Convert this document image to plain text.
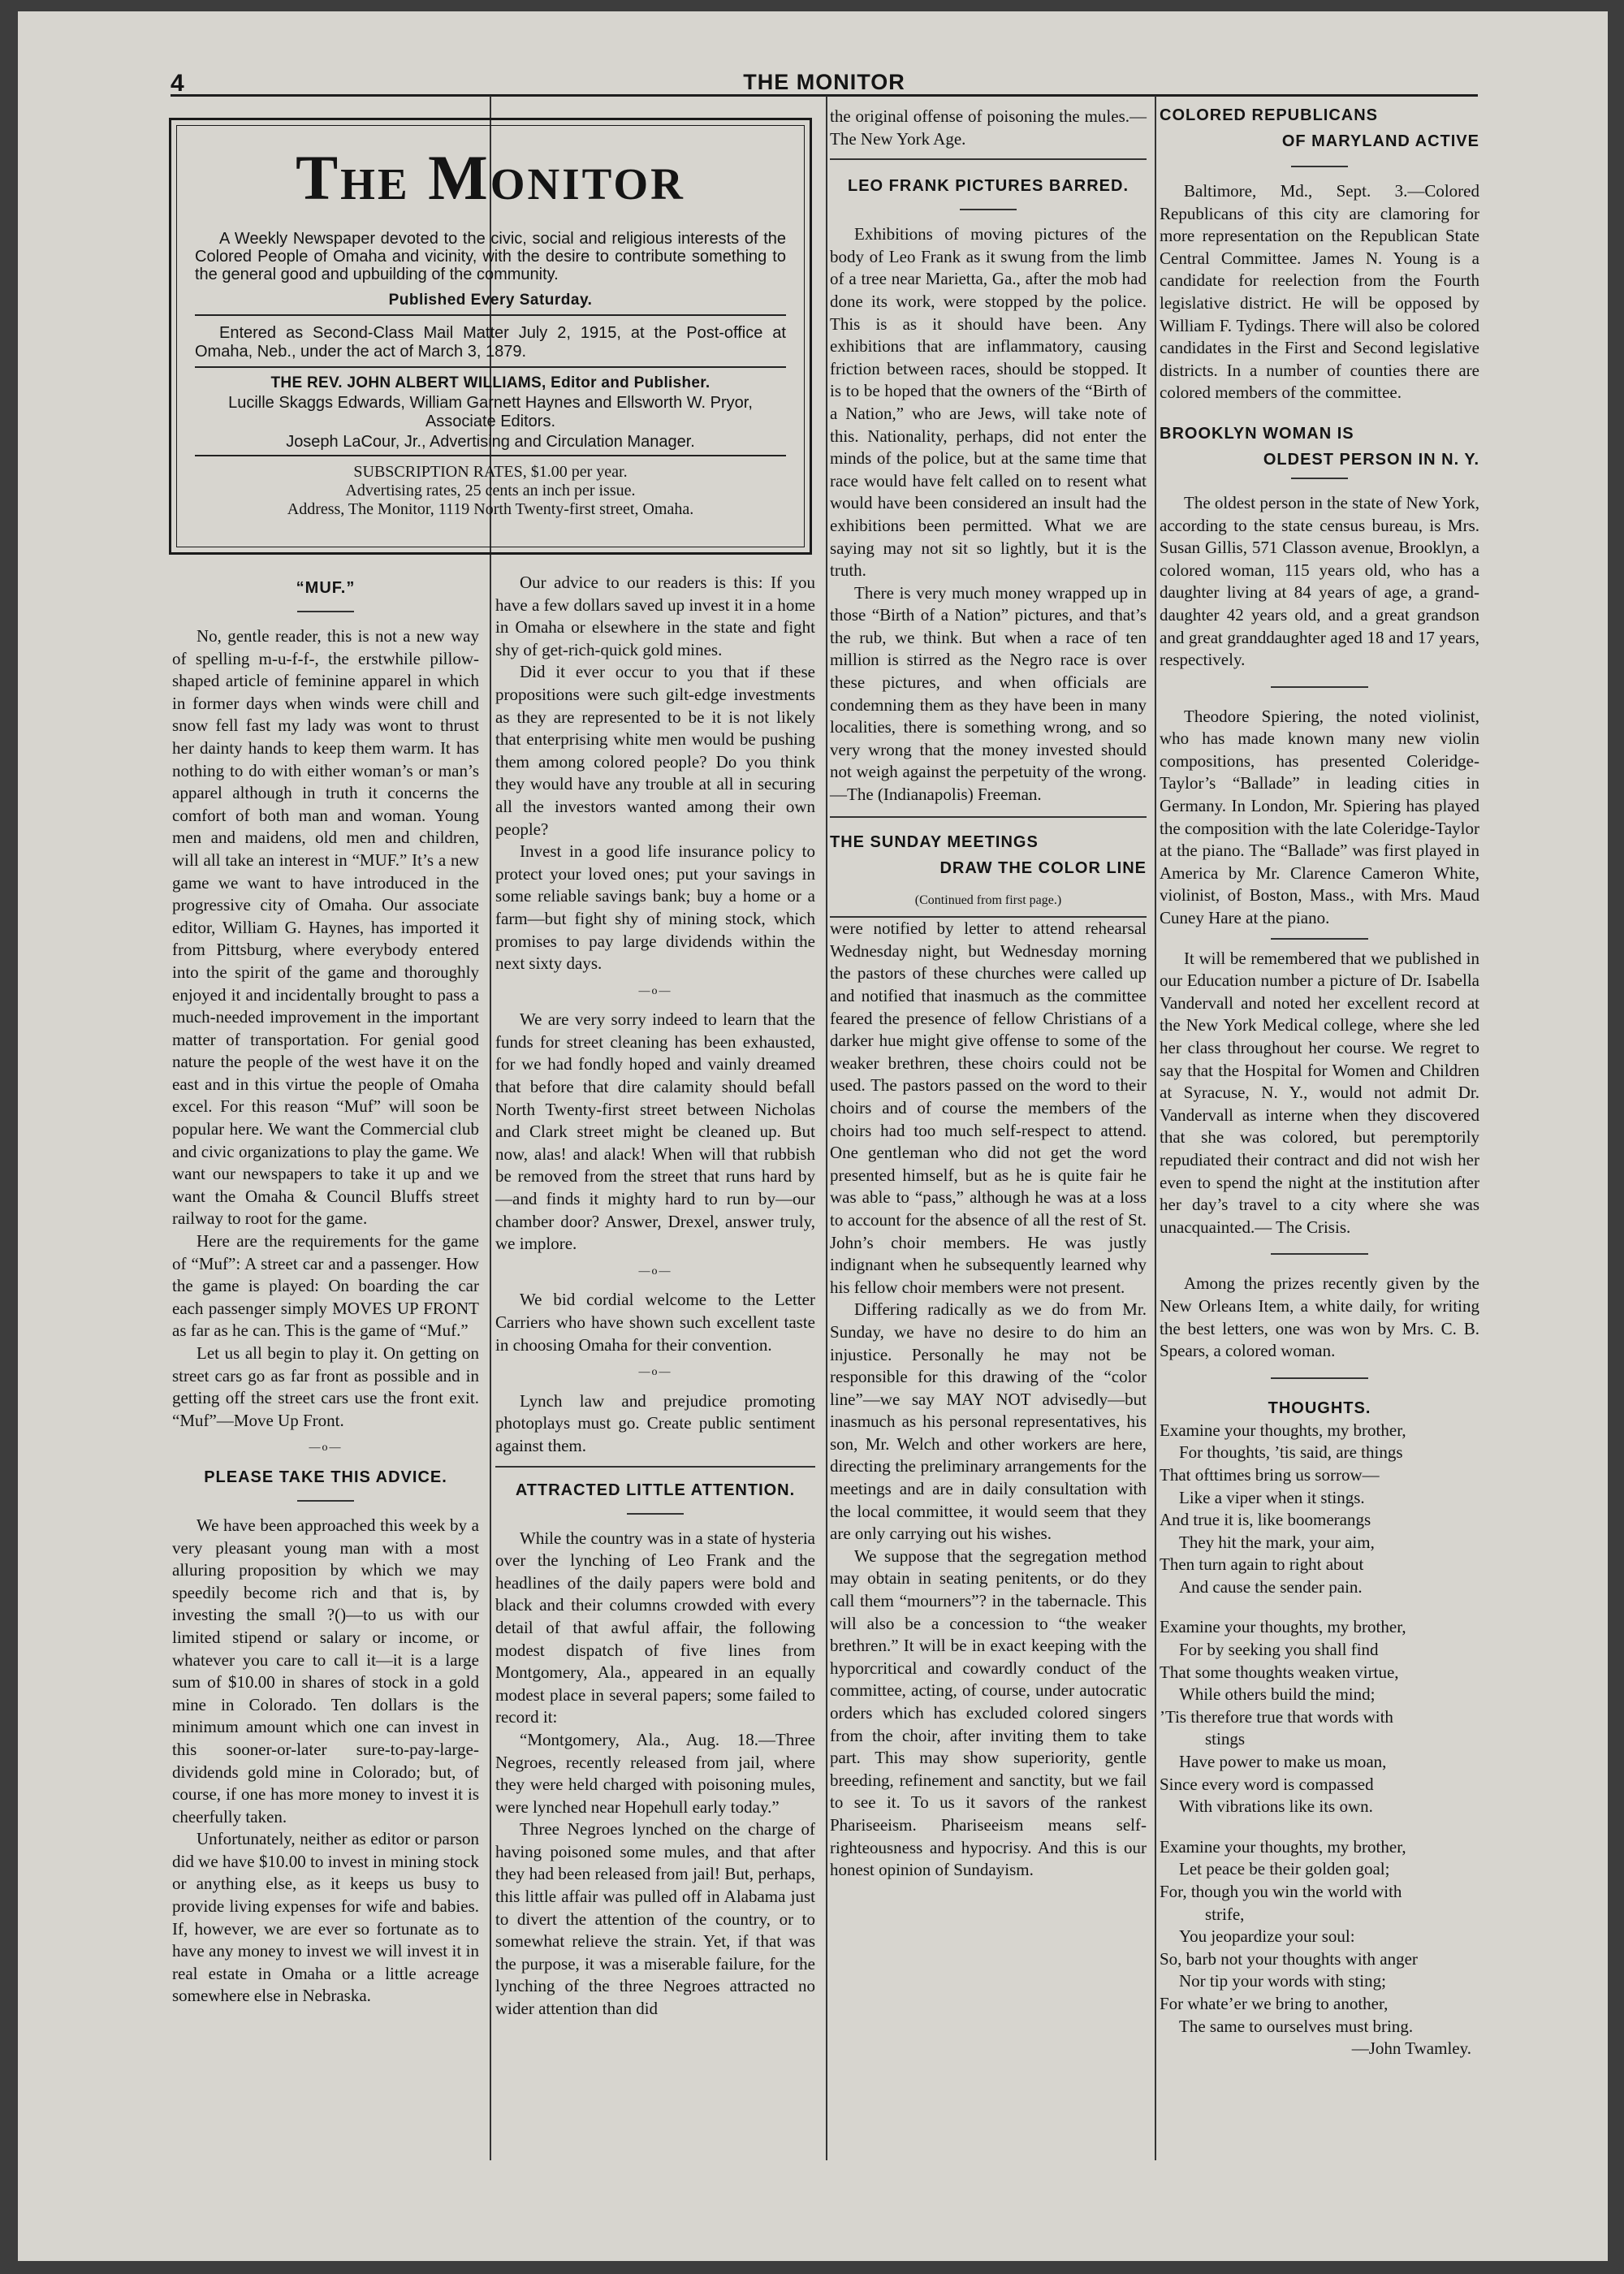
4	THE MONITOR
The Monitor
A Weekly Newspaper devoted to the civic, social and religious interests of the Colored People of Omaha and vicinity, with the desire to contribute something to the general good and upbuilding of the community.
Published Every Saturday.
Entered as Second-Class Mail Matter July 2, 1915, at the Post-office at Omaha, Neb., under the act of March 3, 1879.
THE REV. JOHN ALBERT WILLIAMS, Editor and Publisher.
Lucille Skaggs Edwards, William Garnett Haynes and Ellsworth W. Pryor, Associate Editors.
Joseph LaCour, Jr., Advertising and Circulation Manager.
SUBSCRIPTION RATES, $1.00 per year.
Advertising rates, 25 cents an inch per issue.
Address, The Monitor, 1119 North Twenty-first street, Omaha.
“MUF.”

No, gentle reader, this is not a new way of spelling m-u-f-f-, the erstwhile pillow-shaped article of feminine apparel in which in former days when winds were chill and snow fell fast my lady was wont to thrust her dainty hands to keep them warm. It has nothing to do with either woman’s or man’s apparel although in truth it concerns the comfort of both man and woman. Young men and maidens, old men and children, will all take an interest in “MUF.” It’s a new game we want to have introduced in the progressive city of Omaha. Our associate editor, William G. Haynes, has imported it from Pittsburg, where everybody entered into the spirit of the game and thoroughly enjoyed it and incidentally brought to pass a much-needed improvement in the important matter of transportation. For genial good nature the people of the west have it on the east and in this virtue the people of Omaha excel. For this reason “Muf” will soon be popular here. We want the Commercial club and civic organizations to play the game. We want our newspapers to take it up and we want the Omaha & Council Bluffs street railway to root for the game.

Here are the requirements for the game of “Muf”: A street car and a passenger. How the game is played: On boarding the car each passenger simply MOVES UP FRONT as far as he can. This is the game of “Muf.”

Let us all begin to play it. On getting on street cars go as far front as possible and in getting off the street cars use the front exit. “Muf”—Move Up Front.

—o—
PLEASE TAKE THIS ADVICE.

We have been approached this week by a very pleasant young man with a most alluring proposition by which we may speedily become rich and that is, by investing the small ?()—to us with our limited stipend or salary or income, or whatever you care to call it—it is a large sum of $10.00 in shares of stock in a gold mine in Colorado. Ten dollars is the minimum amount which one can invest in this sooner-or-later sure-to-pay-large-dividends gold mine in Colorado; but, of course, if one has more money to invest it is cheerfully taken.

Unfortunately, neither as editor or parson did we have $10.00 to invest in mining stock or anything else, as it keeps us busy to provide living expenses for wife and babies. If, however, we are ever so fortunate as to have any money to invest we will invest it in real estate in Omaha or a little acreage somewhere else in Nebraska.

Our advice to our readers is this: If you have a few dollars saved up invest it in a home in Omaha or elsewhere in the state and fight shy of get-rich-quick gold mines.

Did it ever occur to you that if these propositions were such gilt-edge investments as they are represented to be it is not likely that enterprising white men would be pushing them among colored people? Do you think they would have any trouble at all in securing all the investors wanted among their own people?

Invest in a good life insurance policy to protect your loved ones; put your savings in some reliable savings bank; buy a home or a farm—but fight shy of mining stock, which promises to pay large dividends within the next sixty days.

—o—

We are very sorry indeed to learn that the funds for street cleaning has been exhausted, for we had fondly hoped and vainly dreamed that before that dire calamity should befall North Twenty-first street between Nicholas and Clark street might be cleaned up. But now, alas! and alack! When will that rubbish be removed from the street that runs hard by—and finds it mighty hard to run by—our chamber door? Answer, Drexel, answer truly, we implore.

—o—

We bid cordial welcome to the Letter Carriers who have shown such excellent taste in choosing Omaha for their convention.

—o—

Lynch law and prejudice promoting photoplays must go. Create public sentiment against them.

ATTRACTED LITTLE ATTENTION.

While the country was in a state of hysteria over the lynching of Leo Frank and the headlines of the daily papers were bold and black and their columns crowded with every detail of that awful affair, the following modest dispatch of five lines from Montgomery, Ala., appeared in an equally modest place in several papers; some failed to record it:

“Montgomery, Ala., Aug. 18.—Three Negroes, recently released from jail, where they were held charged with poisoning mules, were lynched near Hopehull early today.”

Three Negroes lynched on the charge of having poisoned some mules, and that after they had been released from jail! But, perhaps, this little affair was pulled off in Alabama just to divert the attention of the country, or to somewhat relieve the strain. Yet, if that was the purpose, it was a miserable failure, for the lynching of the three Negroes attracted no wider attention than did

the original offense of poisoning the mules.—The New York Age.

LEO FRANK PICTURES BARRED.

Exhibitions of moving pictures of the body of Leo Frank as it swung from the limb of a tree near Marietta, Ga., after the mob had done its work, were stopped by the police. This is as it should have been. Any exhibitions that are inflammatory, causing friction between races, should be stopped. It is to be hoped that the owners of the “Birth of a Nation,” who are Jews, will take note of this. Nationality, perhaps, did not enter the minds of the police, but at the same time that race would have felt called on to resent what would have been considered an insult had the exhibitions been permitted. What we are saying may not sit so lightly, but it is the truth.

There is very much money wrapped up in those “Birth of a Nation” pictures, and that’s the rub, we think. But when a race of ten million is stirred as the Negro race is over these pictures, and when officials are condemning them as they have been in many localities, there is something wrong, and so very wrong that the money invested should not weigh against the perpetuity of the wrong. —The (Indianapolis) Freeman.

THE SUNDAY MEETINGS
DRAW THE COLOR LINE
(Continued from first page.)

were notified by letter to attend rehearsal Wednesday night, but Wednesday morning the pastors of these churches were called up and notified that inasmuch as the committee feared the presence of fellow Christians of a darker hue might give offense to some of the weaker brethren, these choirs could not be used. The pastors passed on the word to their choirs and of course the members of the choirs had too much self-respect to attend. One gentleman who did not get the word presented himself, but as he is quite fair he was able to “pass,” although he was at a loss to account for the absence of all the rest of St. John’s choir members. He was justly indignant when he subsequently learned why his fellow choir members were not present.

Differing radically as we do from Mr. Sunday, we have no desire to do him an injustice. Personally he may not be responsible for this drawing of the “color line”—we say MAY NOT advisedly—but inasmuch as his personal representatives, his son, Mr. Welch and other workers are here, directing the preliminary arrangements for the meetings and are in daily consultation with the local committee, it would seem that they are only carrying out his wishes.

We suppose that the segregation method may obtain in seating penitents, or do they call them “mourners”? in the tabernacle. This will also be a concession to “the weaker brethren.” It will be in exact keeping with the hyporcritical and cowardly conduct of the committee, acting, of course, under autocratic orders which has excluded colored singers from the choir, after inviting them to take part. This may show superiority, gentle breeding, refinement and sanctity, but we fail to see it. To us it savors of the rankest Phariseeism. Phariseeism means self-righteousness and hypocrisy. And this is our honest opinion of Sundayism.

COLORED REPUBLICANS
OF MARYLAND ACTIVE

Baltimore, Md., Sept. 3.—Colored Republicans of this city are clamoring for more representation on the Republican State Central Committee. James N. Young is a candidate for reelection from the Fourth legislative district. He will be opposed by William F. Tydings. There will also be colored candidates in the First and Second legislative districts. In a number of counties there are colored members of the committee.

BROOKLYN WOMAN IS
OLDEST PERSON IN N. Y.

The oldest person in the state of New York, according to the state census bureau, is Mrs. Susan Gillis, 571 Classon avenue, Brooklyn, a colored woman, 115 years old, who has a daughter living at 84 years of age, a grand-daughter 42 years old, and a great grandson and great granddaughter aged 18 and 17 years, respectively.

Theodore Spiering, the noted violinist, who has made known many new violin compositions, has presented Coleridge-Taylor’s “Ballade” in leading cities in Germany. In London, Mr. Spiering has played the composition with the late Coleridge-Taylor at the piano. The “Ballade” was first played in America by Mr. Clarence Cameron White, violinist, of Boston, Mass., with Mrs. Maud Cuney Hare at the piano.

It will be remembered that we published in our Education number a picture of Dr. Isabella Vandervall and noted her excellent record at the New York Medical college, where she led her class throughout her course. We regret to say that the Hospital for Women and Children at Syracuse, N. Y., would not admit Dr. Vandervall as interne when they discovered that she was colored, but peremptorily repudiated their contract and did not wish her even to spend the night at the institution after her day’s travel to a city where she was unacquainted.— The Crisis.

Among the prizes recently given by the New Orleans Item, a white daily, for writing the best letters, one was won by Mrs. C. B. Spears, a colored woman.

THOUGHTS.
Examine your thoughts, my brother,
For thoughts, ’tis said, are things
That ofttimes bring us sorrow—
Like a viper when it stings.
And true it is, like boomerangs
They hit the mark, your aim,
Then turn again to right about
And cause the sender pain.
Examine your thoughts, my brother,
For by seeking you shall find
That some thoughts weaken virtue,
While others build the mind;
’Tis therefore true that words with
stings
Have power to make us moan,
Since every word is compassed
With vibrations like its own.
Examine your thoughts, my brother,
Let peace be their golden goal;
For, though you win the world with
strife,
You jeopardize your soul:
So, barb not your thoughts with anger
Nor tip your words with sting;
For whate’er we bring to another,
The same to ourselves must bring.
—John Twamley.
